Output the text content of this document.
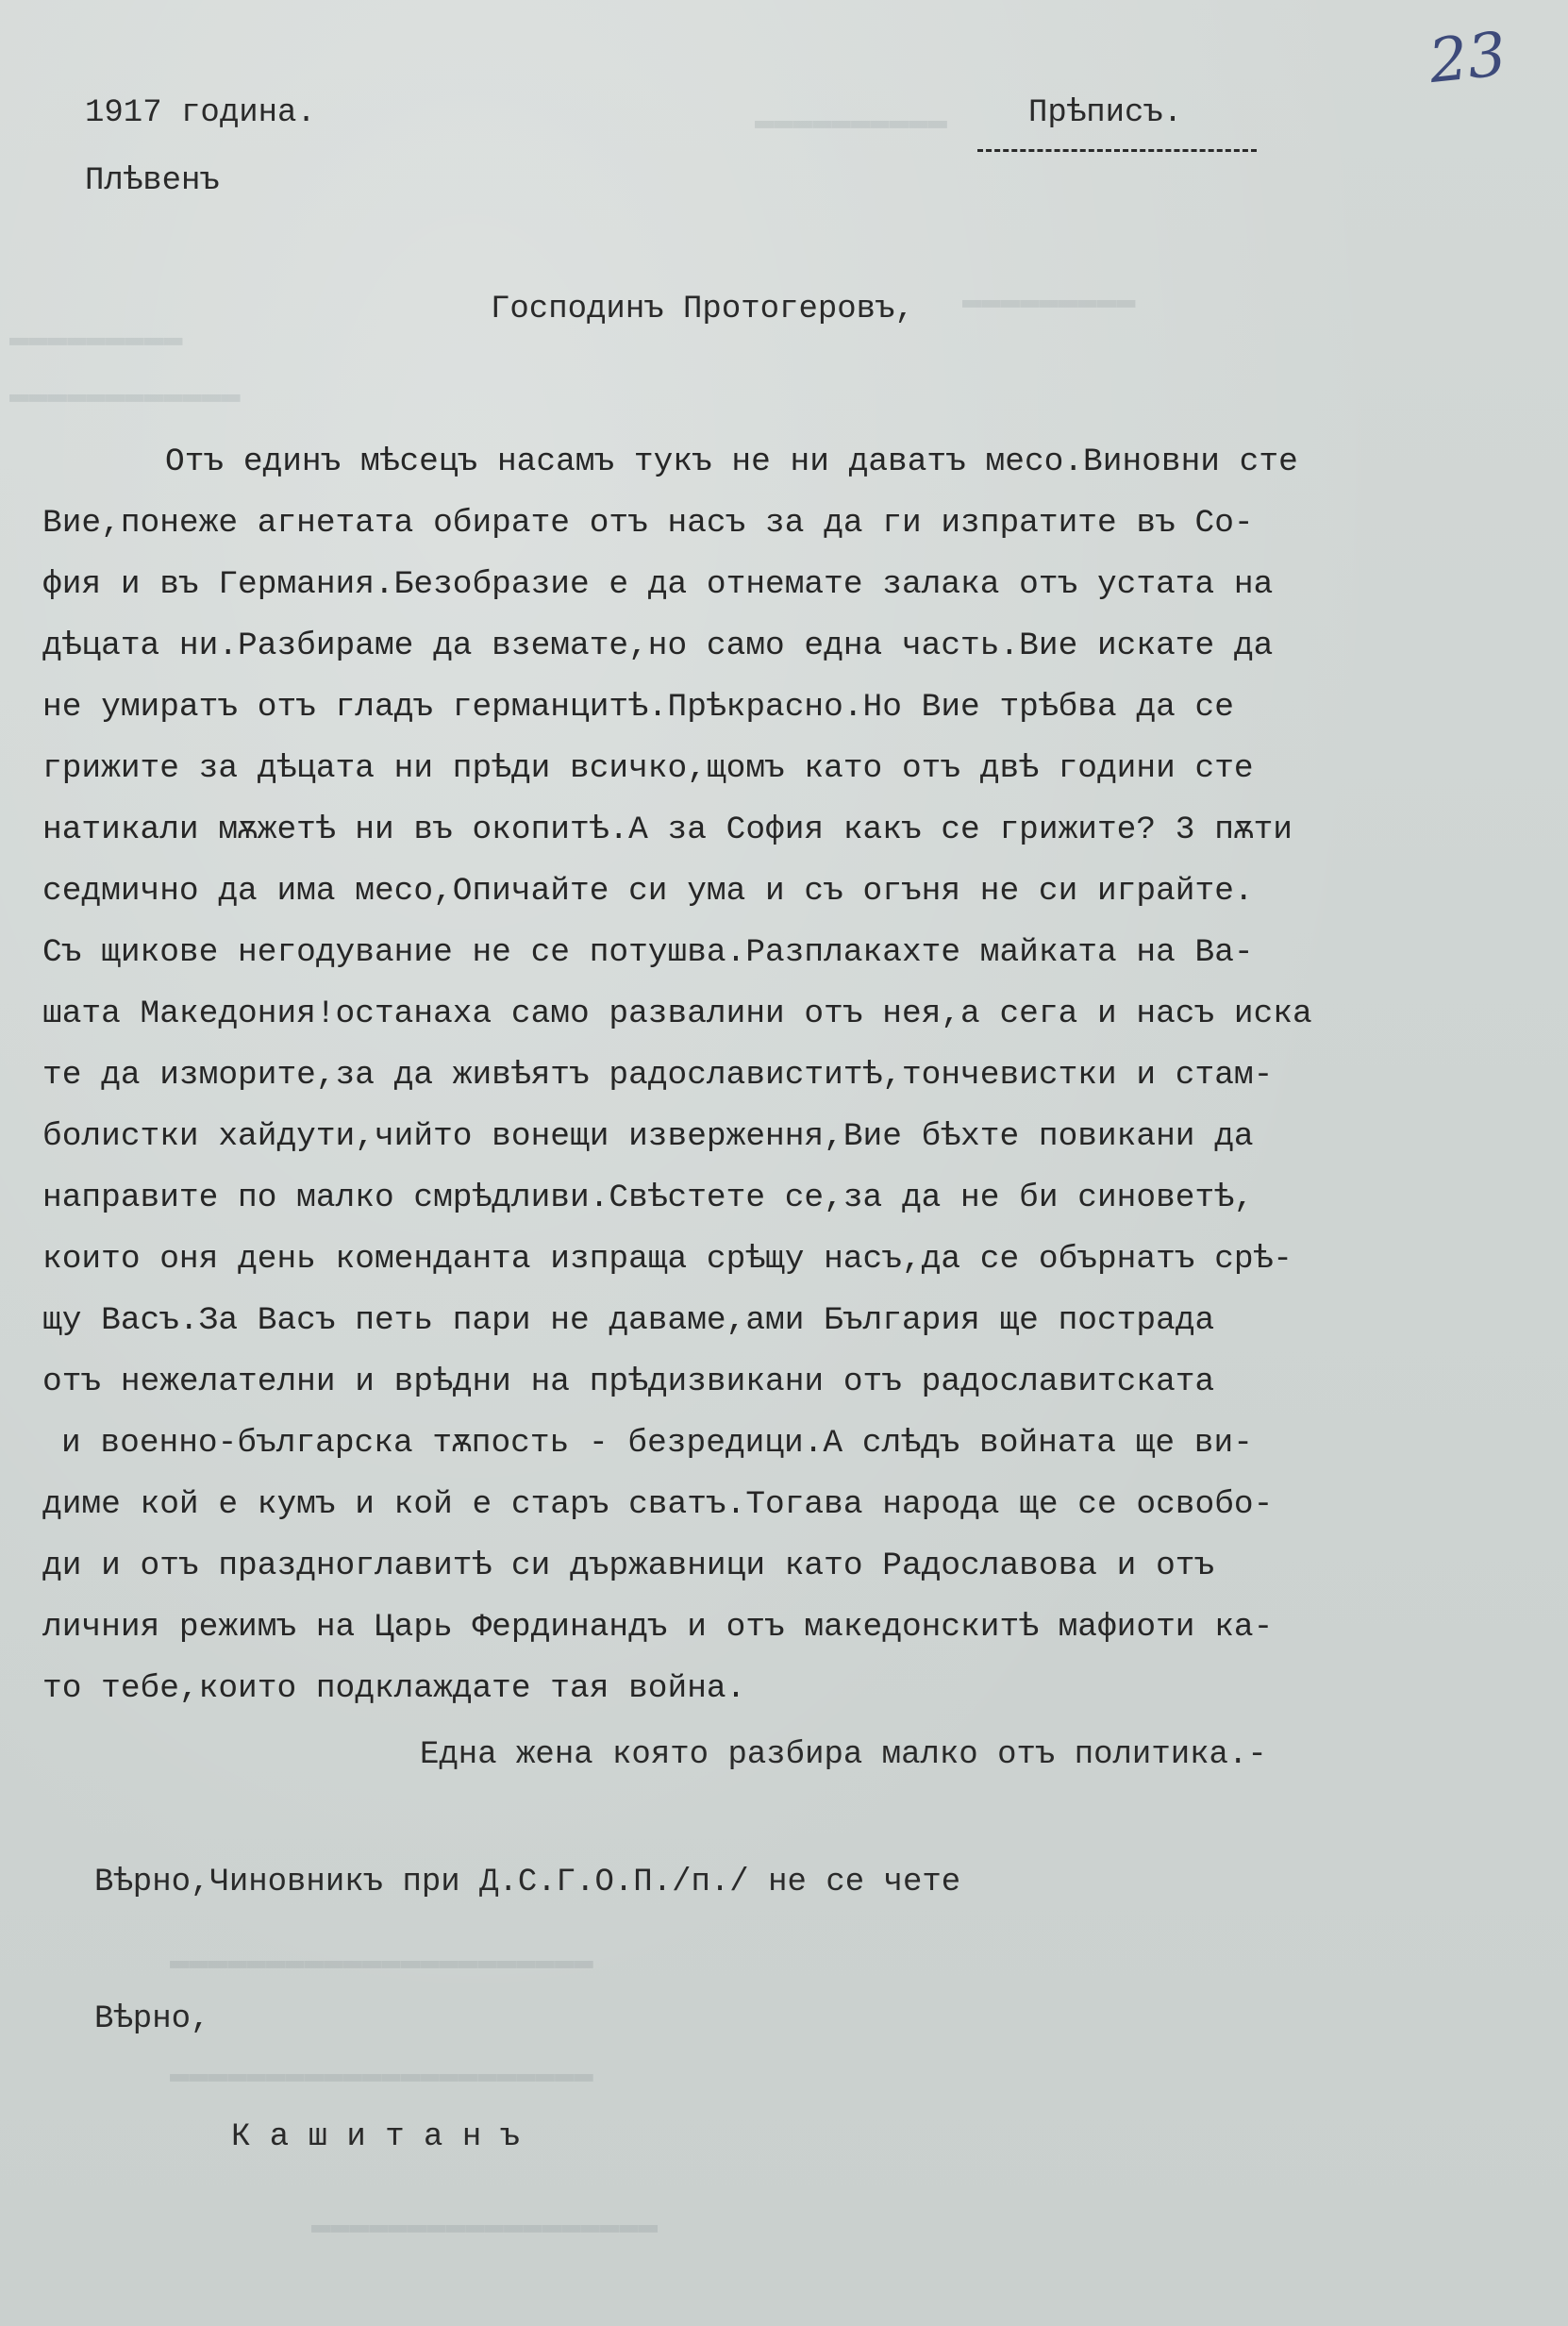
▬▬▬▬▬▬▬▬▬▬
▬▬▬▬▬▬▬▬▬
▬▬▬▬▬▬▬▬▬
▬▬▬▬▬▬▬▬▬▬▬▬
▬▬▬▬▬▬▬▬▬▬▬▬▬▬▬▬▬▬▬▬▬▬
▬▬▬▬▬▬▬▬▬▬▬▬▬▬▬▬▬▬▬▬▬▬
▬▬▬▬▬▬▬▬▬▬▬▬▬▬▬▬▬▬
23
1917 година.
Плѣвенъ
Прѣписъ.
Господинъ Протогеровъ,
Отъ единъ мѣсецъ насамъ тукъ не ни даватъ месо.Виновни сте
Вие,понеже агнетата обирате отъ насъ за да ги изпратите въ Со-
фия и въ Германия.Безобразие е да отнемате залака отъ устата на
дѣцата ни.Разбираме да вземате,но само една часть.Вие искате да
не умиратъ отъ гладъ германцитѣ.Прѣкрасно.Но Вие трѣбва да се
грижите за дѣцата ни прѣди всичко,щомъ като отъ двѣ години сте
натикали мѫжетѣ ни въ окопитѣ.А за София какъ се грижите? 3 пѫти
седмично да има месо,Опичайте си ума и съ огъня не си играйте.
Съ щикове негодувание не се потушва.Разплакахте майката на Ва-
шата Македония!останаха само развалини отъ нея,а сега и насъ иска
те да изморите,за да живѣятъ радославиститѣ,тончевистки и стам-
болистки хайдути,чийто вонещи изверження,Вие бѣхте повикани да
направите по малко смрѣдливи.Свѣстете се,за да не би синоветѣ,
които оня день коменданта изпраща срѣщу насъ,да се обърнатъ срѣ-
щу Васъ.За Васъ петь пари не даваме,ами България ще пострада
отъ нежелателни и врѣдни на прѣдизвикани отъ радославитската
и военно-българска тѫпость - безредици.А слѣдъ войната ще ви-
диме кой е кумъ и кой е старъ сватъ.Тогава народа ще се освобо-
ди и отъ праздноглавитѣ си държавници като Радославова и отъ
личния режимъ на Царь Фердинандъ и отъ македонскитѣ мафиоти ка-
то тебе,които подклаждате тая война.
Една жена която разбира малко отъ политика.-
Вѣрно,Чиновникъ при Д.С.Г.О.П./п./ не се чете
Вѣрно,
К а ш и т а н ъ
